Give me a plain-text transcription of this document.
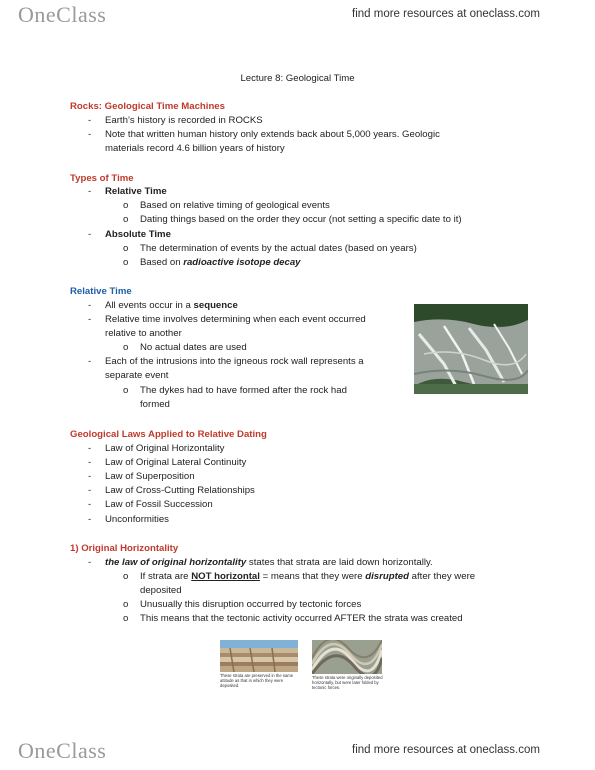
OneClass	find more resources at oneclass.com
Lecture 8: Geological Time
Rocks: Geological Time Machines
- Earth’s history is recorded in ROCKS
- Note that written human history only extends back about 5,000 years. Geologic
materials record 4.6 billion years of history
Types of Time
- Relative Time
o Based on relative timing of geological events
o Dating things based on the order they occur (not setting a specific date to it)
- Absolute Time
o The determination of events by the actual dates (based on years)
o Based on radioactive isotope decay
Relative Time
- All events occur in a sequence
- Relative time involves determining when each event occurred
relative to another
o No actual dates are used
- Each of the intrusions into the igneous rock wall represents a
separate event
o The dykes had to have formed after the rock had
formed
Geological Laws Applied to Relative Dating
- Law of Original Horizontality
- Law of Original Lateral Continuity
- Law of Superposition
- Law of Cross-Cutting Relationships
- Law of Fossil Succession
- Unconformities
1) Original Horizontality
- the law of original horizontality states that strata are laid down horizontally.
o If strata are NOT horizontal = means that they were disrupted after they were
deposited
o Unusually this disruption occurred by tectonic forces
o This means that the tectonic activity occurred AFTER the strata was created
These strata are preserved in the same attitude as that in which they were deposited.
These strata were originally deposited horizontally, but were later folded by tectonic forces.
OneClass	find more resources at oneclass.com
